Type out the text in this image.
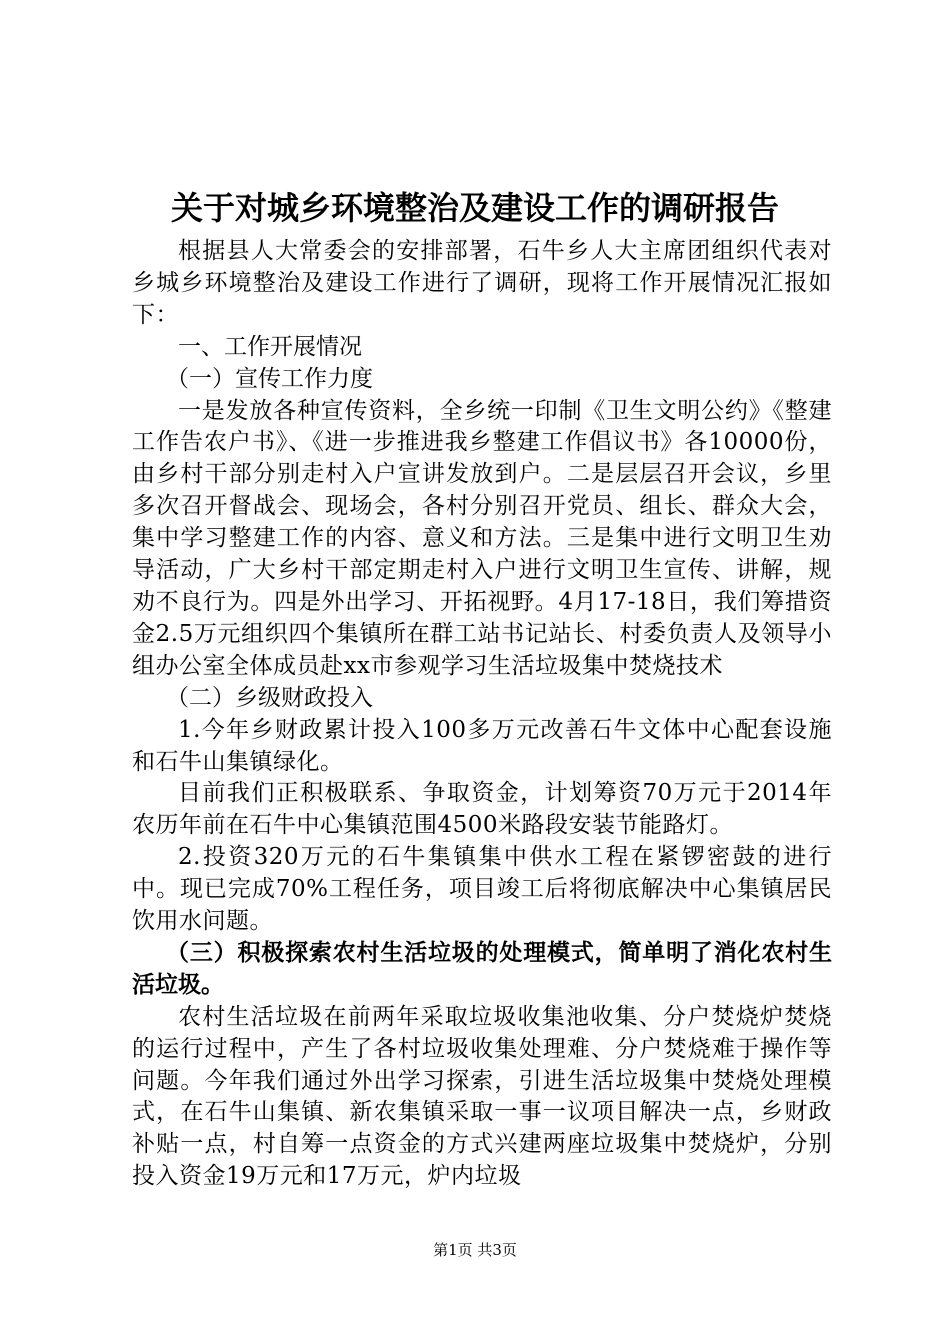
关于对城乡环境整治及建设工作的调研报告

根据县人大常委会的安排部署，石牛乡人大主席团组织代表对乡城乡环境整治及建设工作进行了调研，现将工作开展情况汇报如下：

一、工作开展情况

（一）宣传工作力度

一是发放各种宣传资料，全乡统一印制《卫生文明公约》《整建工作告农户书》、《进一步推进我乡整建工作倡议书》各10000份，由乡村干部分别走村入户宣讲发放到户。二是层层召开会议，乡里多次召开督战会、现场会，各村分别召开党员、组长、群众大会，集中学习整建工作的内容、意义和方法。三是集中进行文明卫生劝导活动，广大乡村干部定期走村入户进行文明卫生宣传、讲解，规劝不良行为。四是外出学习、开拓视野。4月17-18日，我们筹措资金2.5万元组织四个集镇所在群工站书记站长、村委负责人及领导小组办公室全体成员赴xx市参观学习生活垃圾集中焚烧技术

（二）乡级财政投入

1.今年乡财政累计投入100多万元改善石牛文体中心配套设施和石牛山集镇绿化。

目前我们正积极联系、争取资金，计划筹资70万元于2014年农历年前在石牛中心集镇范围4500米路段安装节能路灯。

2.投资320万元的石牛集镇集中供水工程在紧锣密鼓的进行中。现已完成70%工程任务，项目竣工后将彻底解决中心集镇居民饮用水问题。

（三）积极探索农村生活垃圾的处理模式，简单明了消化农村生活垃圾。

农村生活垃圾在前两年采取垃圾收集池收集、分户焚烧炉焚烧的运行过程中，产生了各村垃圾收集处理难、分户焚烧难于操作等问题。今年我们通过外出学习探索，引进生活垃圾集中焚烧处理模式，在石牛山集镇、新农集镇采取一事一议项目解决一点，乡财政补贴一点，村自筹一点资金的方式兴建两座垃圾集中焚烧炉，分别投入资金19万元和17万元，炉内垃圾

第1页 共3页
